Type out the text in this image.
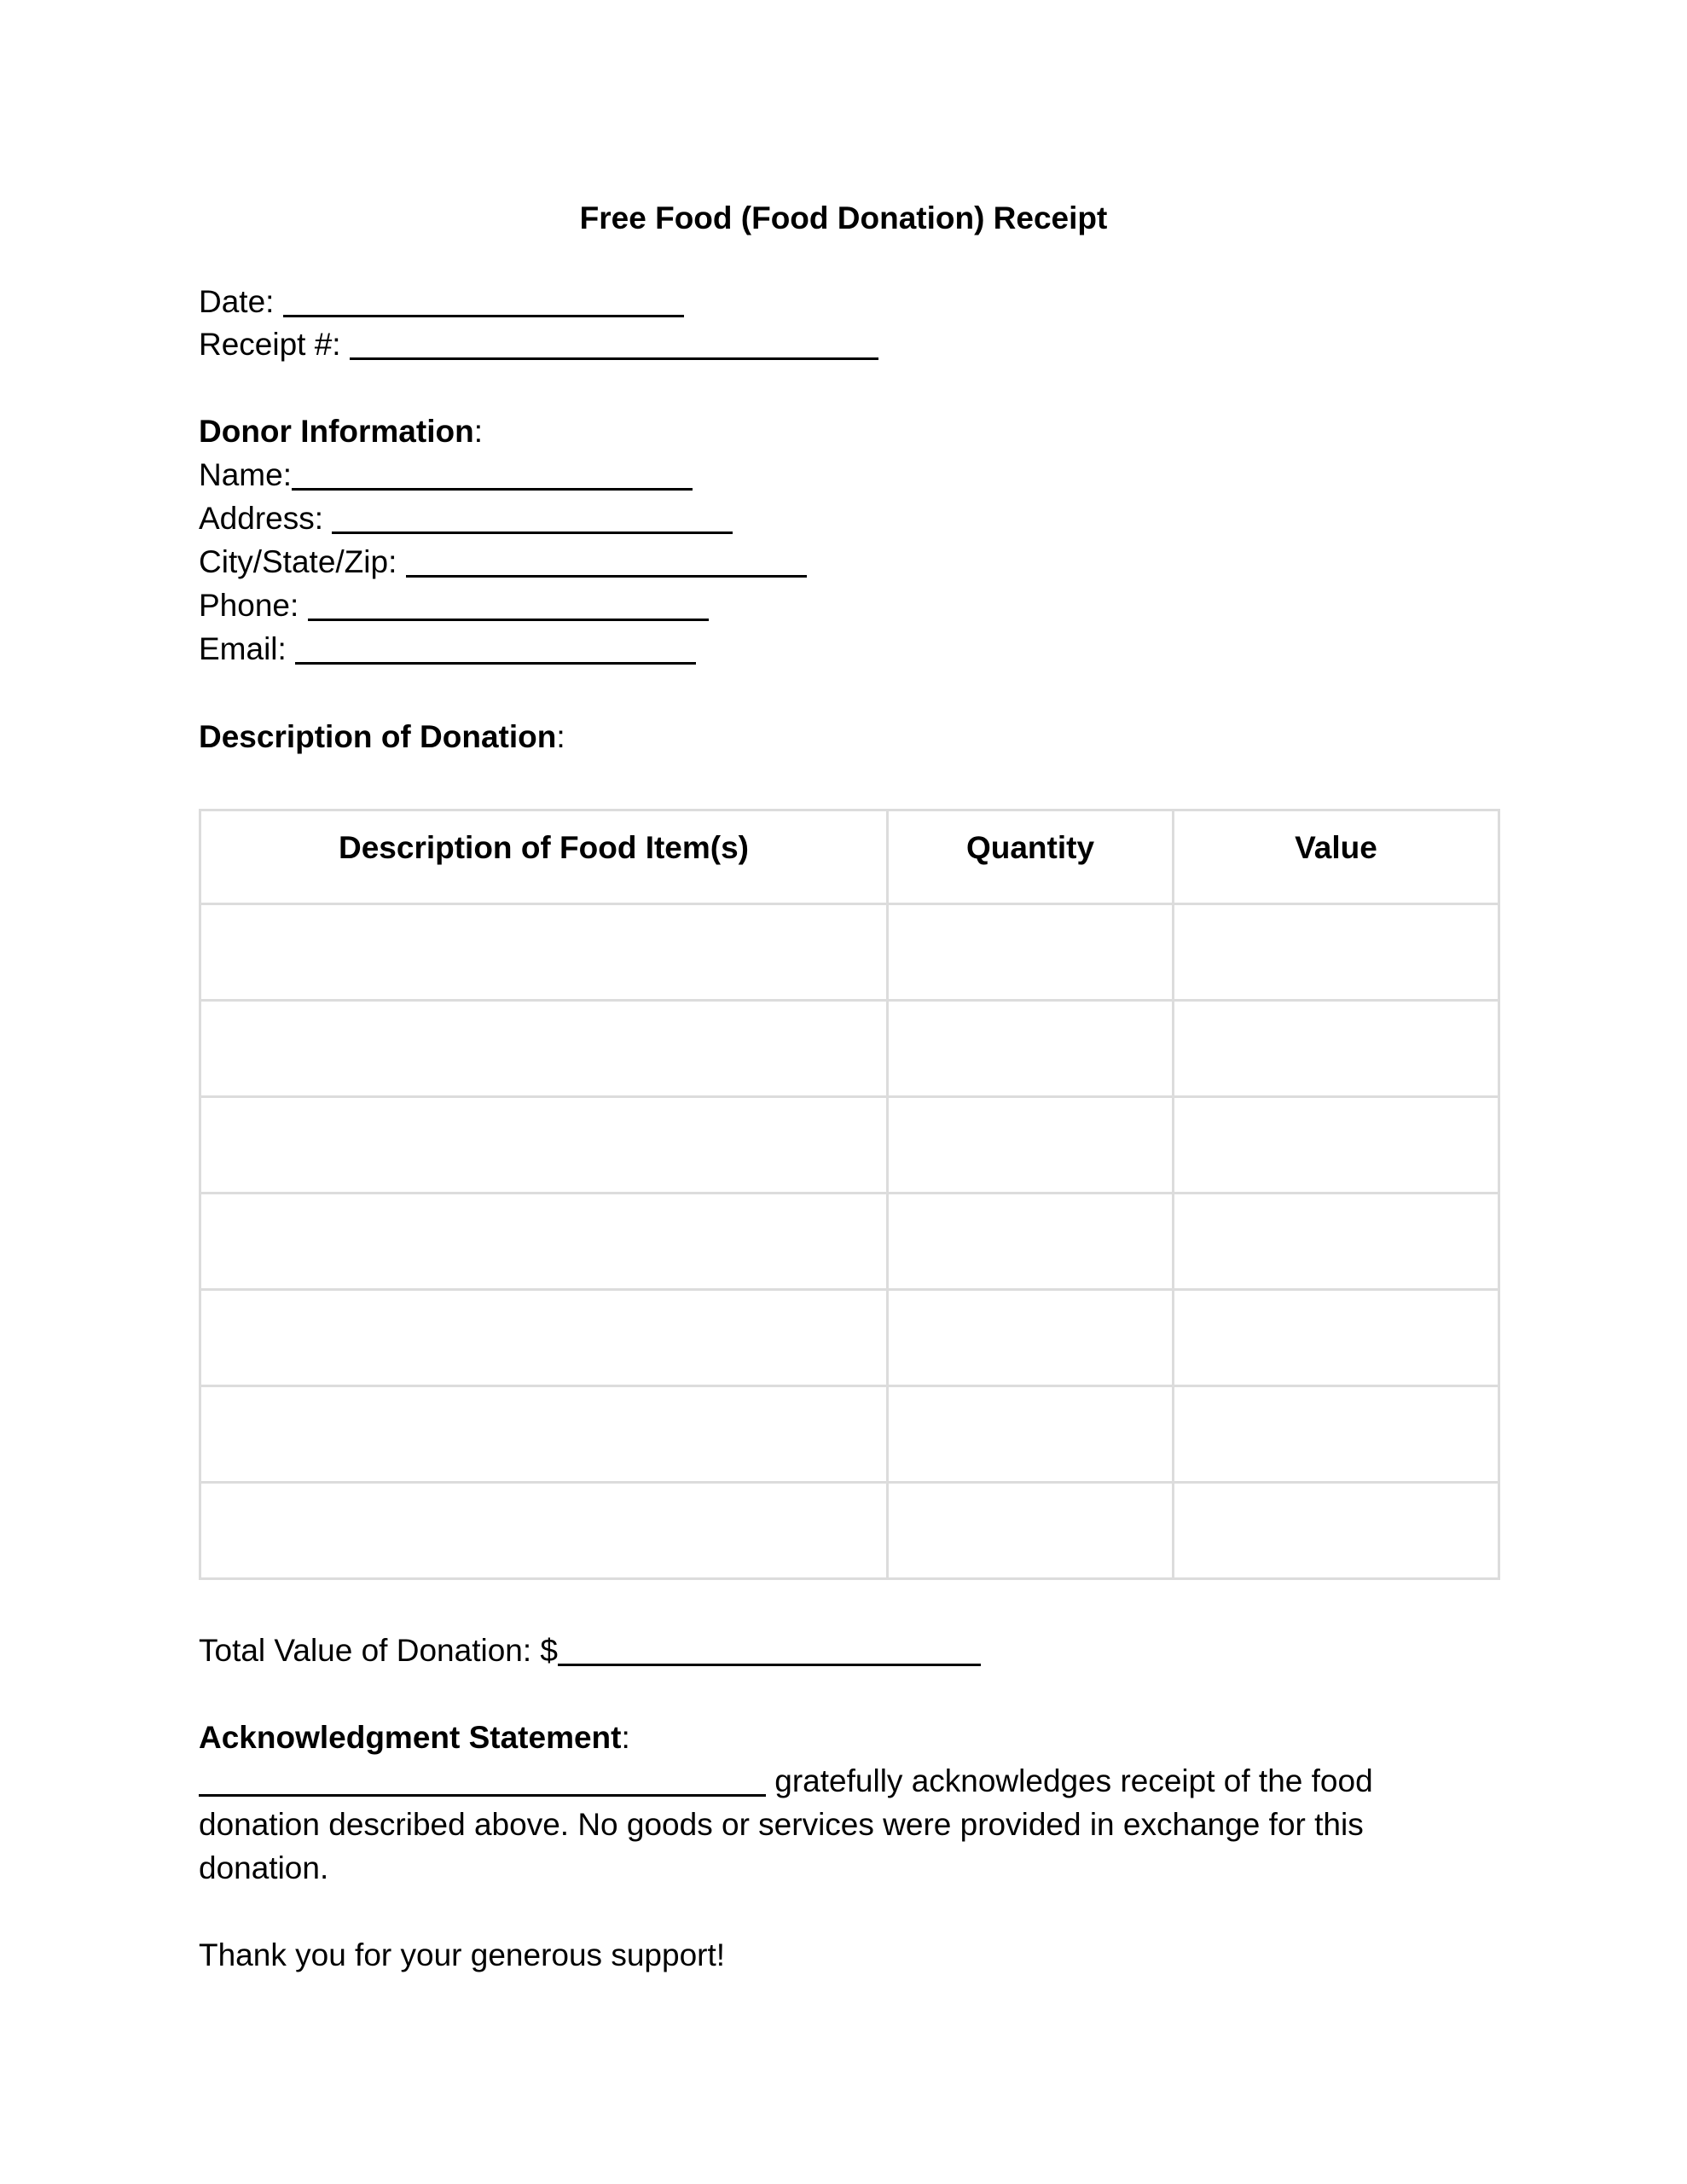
Free Food (Food Donation) Receipt
Date:
Receipt #:
Donor Information:
Name:
Address:
City/State/Zip:
Phone:
Email:
Description of Donation:
Description of Food Item(s)	Quantity	Value

Total Value of Donation: $
Acknowledgment Statement:
gratefully acknowledges receipt of the food
donation described above. No goods or services were provided in exchange for this
donation.
Thank you for your generous support!
